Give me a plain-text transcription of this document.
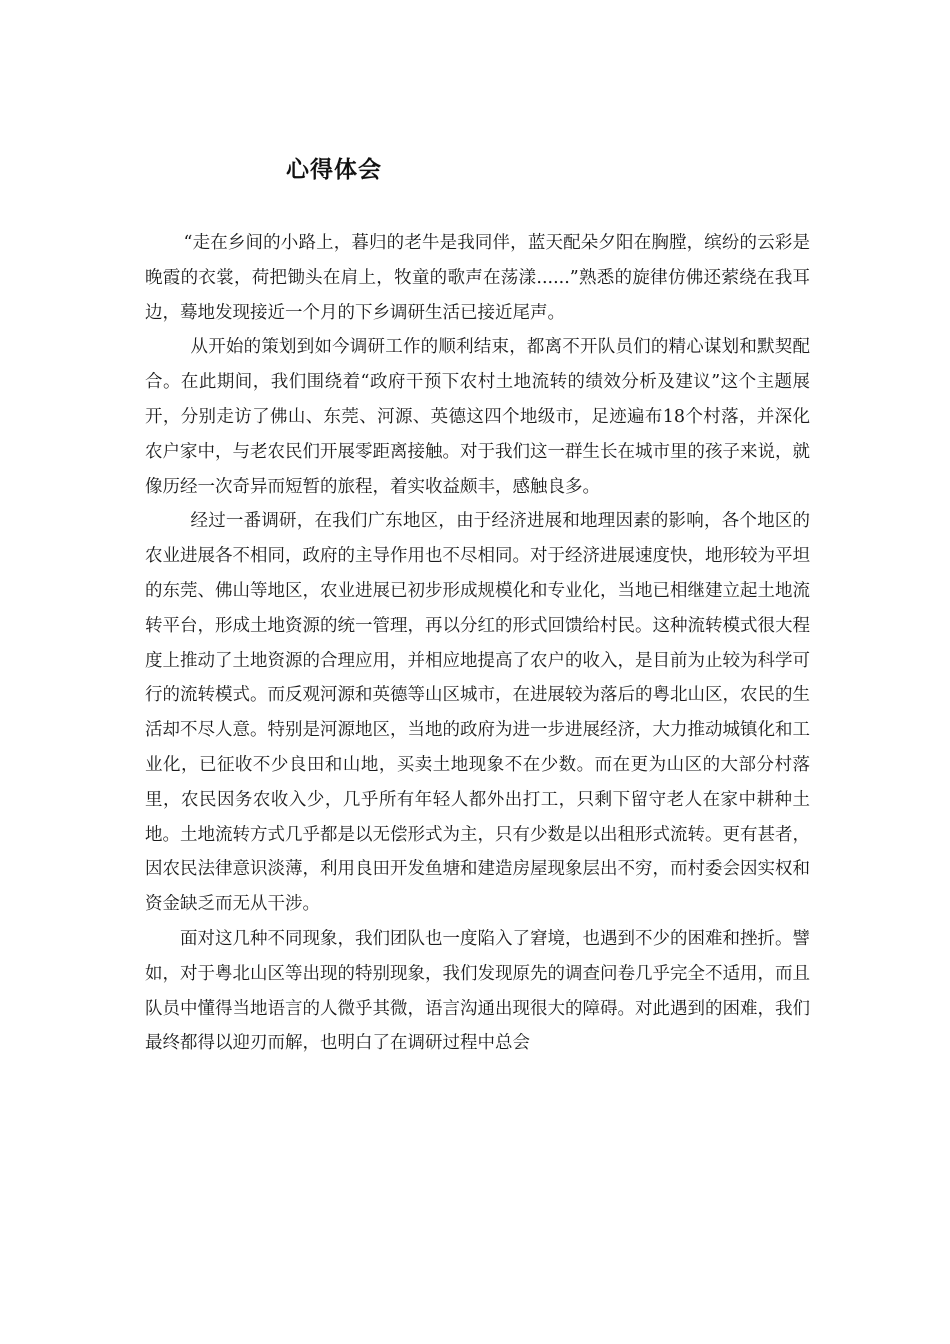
心得体会

“走在乡间的小路上，暮归的老牛是我同伴，蓝天配朵夕阳在胸膛，缤纷的云彩是晚霞的衣裳，荷把锄头在肩上，牧童的歌声在荡漾......”熟悉的旋律仿佛还萦绕在我耳边，蓦地发现接近一个月的下乡调研生活已接近尾声。

从开始的策划到如今调研工作的顺利结束，都离不开队员们的精心谋划和默契配合。在此期间，我们围绕着“政府干预下农村土地流转的绩效分析及建议”这个主题展开，分别走访了佛山、东莞、河源、英德这四个地级市，足迹遍布18个村落，并深化农户家中，与老农民们开展零距离接触。对于我们这一群生长在城市里的孩子来说，就像历经一次奇异而短暂的旅程，着实收益颇丰，感触良多。

经过一番调研，在我们广东地区，由于经济进展和地理因素的影响，各个地区的农业进展各不相同，政府的主导作用也不尽相同。对于经济进展速度快，地形较为平坦的东莞、佛山等地区，农业进展已初步形成规模化和专业化，当地已相继建立起土地流转平台，形成土地资源的统一管理，再以分红的形式回馈给村民。这种流转模式很大程度上推动了土地资源的合理应用，并相应地提高了农户的收入，是目前为止较为科学可行的流转模式。而反观河源和英德等山区城市，在进展较为落后的粤北山区，农民的生活却不尽人意。特别是河源地区，当地的政府为进一步进展经济，大力推动城镇化和工业化，已征收不少良田和山地，买卖土地现象不在少数。而在更为山区的大部分村落里，农民因务农收入少，几乎所有年轻人都外出打工，只剩下留守老人在家中耕种土地。土地流转方式几乎都是以无偿形式为主，只有少数是以出租形式流转。更有甚者，因农民法律意识淡薄，利用良田开发鱼塘和建造房屋现象层出不穷，而村委会因实权和资金缺乏而无从干涉。

面对这几种不同现象，我们团队也一度陷入了窘境，也遇到不少的困难和挫折。譬如，对于粤北山区等出现的特别现象，我们发现原先的调查问卷几乎完全不适用，而且队员中懂得当地语言的人微乎其微，语言沟通出现很大的障碍。对此遇到的困难，我们最终都得以迎刃而解，也明白了在调研过程中总会
